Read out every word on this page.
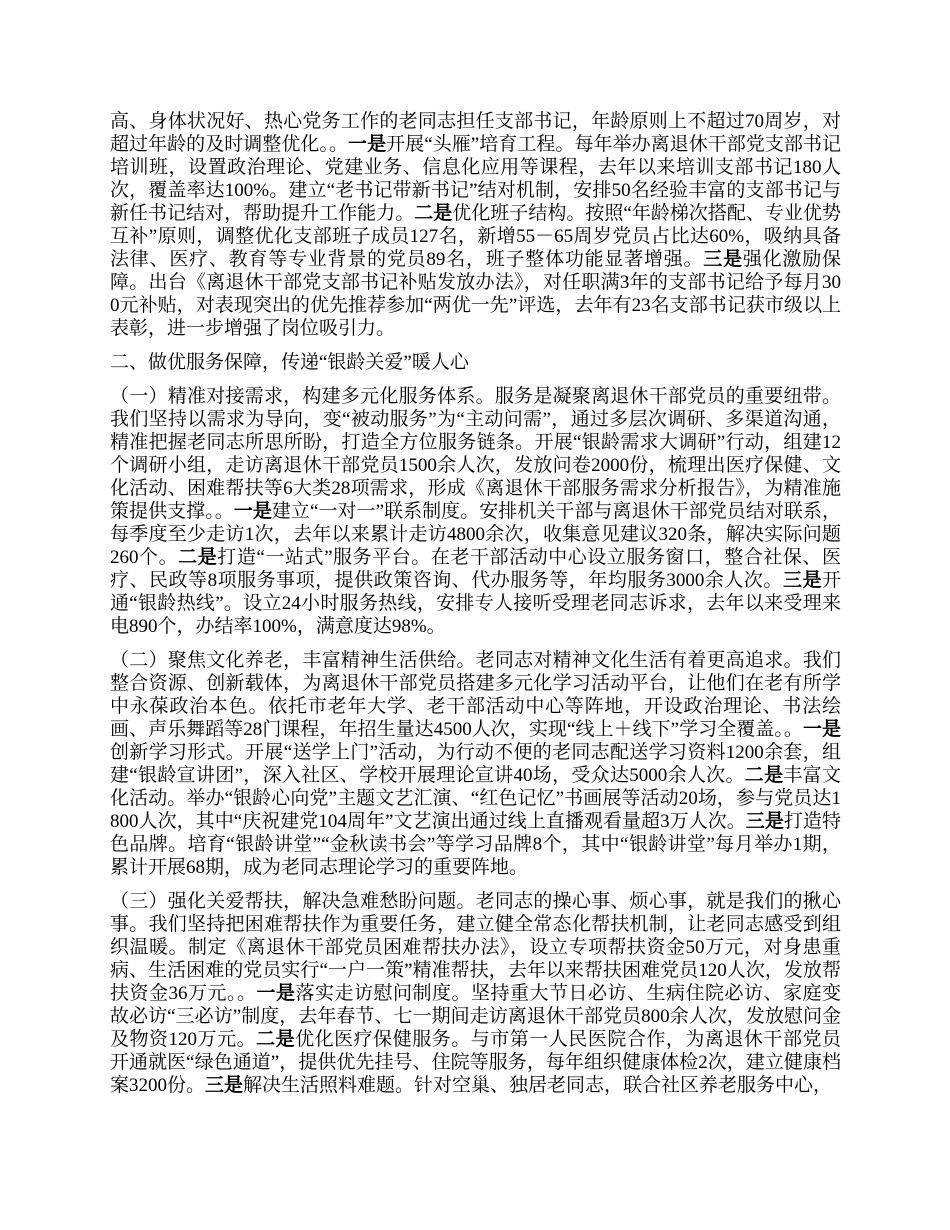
高、身体状况好、热心党务工作的老同志担任支部书记，年龄原则上不超过70周岁，对超过年龄的及时调整优化。。一是开展“头雁”培育工程。每年举办离退休干部党支部书记培训班，设置政治理论、党建业务、信息化应用等课程，去年以来培训支部书记180人次，覆盖率达100%。建立“老书记带新书记”结对机制，安排50名经验丰富的支部书记与新任书记结对，帮助提升工作能力。二是优化班子结构。按照“年龄梯次搭配、专业优势互补”原则，调整优化支部班子成员127名，新增55－65周岁党员占比达60%，吸纳具备法律、医疗、教育等专业背景的党员89名，班子整体功能显著增强。三是强化激励保障。出台《离退休干部党支部书记补贴发放办法》，对任职满3年的支部书记给予每月300元补贴，对表现突出的优先推荐参加“两优一先”评选，去年有23名支部书记获市级以上表彰，进一步增强了岗位吸引力。

二、做优服务保障，传递“银龄关爱”暖人心

（一）精准对接需求，构建多元化服务体系。服务是凝聚离退休干部党员的重要纽带。我们坚持以需求为导向，变“被动服务”为“主动问需”，通过多层次调研、多渠道沟通，精准把握老同志所思所盼，打造全方位服务链条。开展“银龄需求大调研”行动，组建12个调研小组，走访离退休干部党员1500余人次，发放问卷2000份，梳理出医疗保健、文化活动、困难帮扶等6大类28项需求，形成《离退休干部服务需求分析报告》，为精准施策提供支撑。。一是建立“一对一”联系制度。安排机关干部与离退休干部党员结对联系，每季度至少走访1次，去年以来累计走访4800余次，收集意见建议320条，解决实际问题260个。二是打造“一站式”服务平台。在老干部活动中心设立服务窗口，整合社保、医疗、民政等8项服务事项，提供政策咨询、代办服务等，年均服务3000余人次。三是开通“银龄热线”。设立24小时服务热线，安排专人接听受理老同志诉求，去年以来受理来电890个，办结率100%，满意度达98%。

（二）聚焦文化养老，丰富精神生活供给。老同志对精神文化生活有着更高追求。我们整合资源、创新载体，为离退休干部党员搭建多元化学习活动平台，让他们在老有所学中永葆政治本色。依托市老年大学、老干部活动中心等阵地，开设政治理论、书法绘画、声乐舞蹈等28门课程，年招生量达4500人次，实现“线上＋线下”学习全覆盖。。一是创新学习形式。开展“送学上门”活动，为行动不便的老同志配送学习资料1200余套，组建“银龄宣讲团”，深入社区、学校开展理论宣讲40场，受众达5000余人次。二是丰富文化活动。举办“银龄心向党”主题文艺汇演、“红色记忆”书画展等活动20场，参与党员达1800人次，其中“庆祝建党104周年”文艺演出通过线上直播观看量超3万人次。三是打造特色品牌。培育“银龄讲堂”“金秋读书会”等学习品牌8个，其中“银龄讲堂”每月举办1期，累计开展68期，成为老同志理论学习的重要阵地。

（三）强化关爱帮扶，解决急难愁盼问题。老同志的操心事、烦心事，就是我们的揪心事。我们坚持把困难帮扶作为重要任务，建立健全常态化帮扶机制，让老同志感受到组织温暖。制定《离退休干部党员困难帮扶办法》，设立专项帮扶资金50万元，对身患重病、生活困难的党员实行“一户一策”精准帮扶，去年以来帮扶困难党员120人次，发放帮扶资金36万元。。一是落实走访慰问制度。坚持重大节日必访、生病住院必访、家庭变故必访“三必访”制度，去年春节、七一期间走访离退休干部党员800余人次，发放慰问金及物资120万元。二是优化医疗保健服务。与市第一人民医院合作，为离退休干部党员开通就医“绿色通道”，提供优先挂号、住院等服务，每年组织健康体检2次，建立健康档案3200份。三是解决生活照料难题。针对空巢、独居老同志，联合社区养老服务中心，
